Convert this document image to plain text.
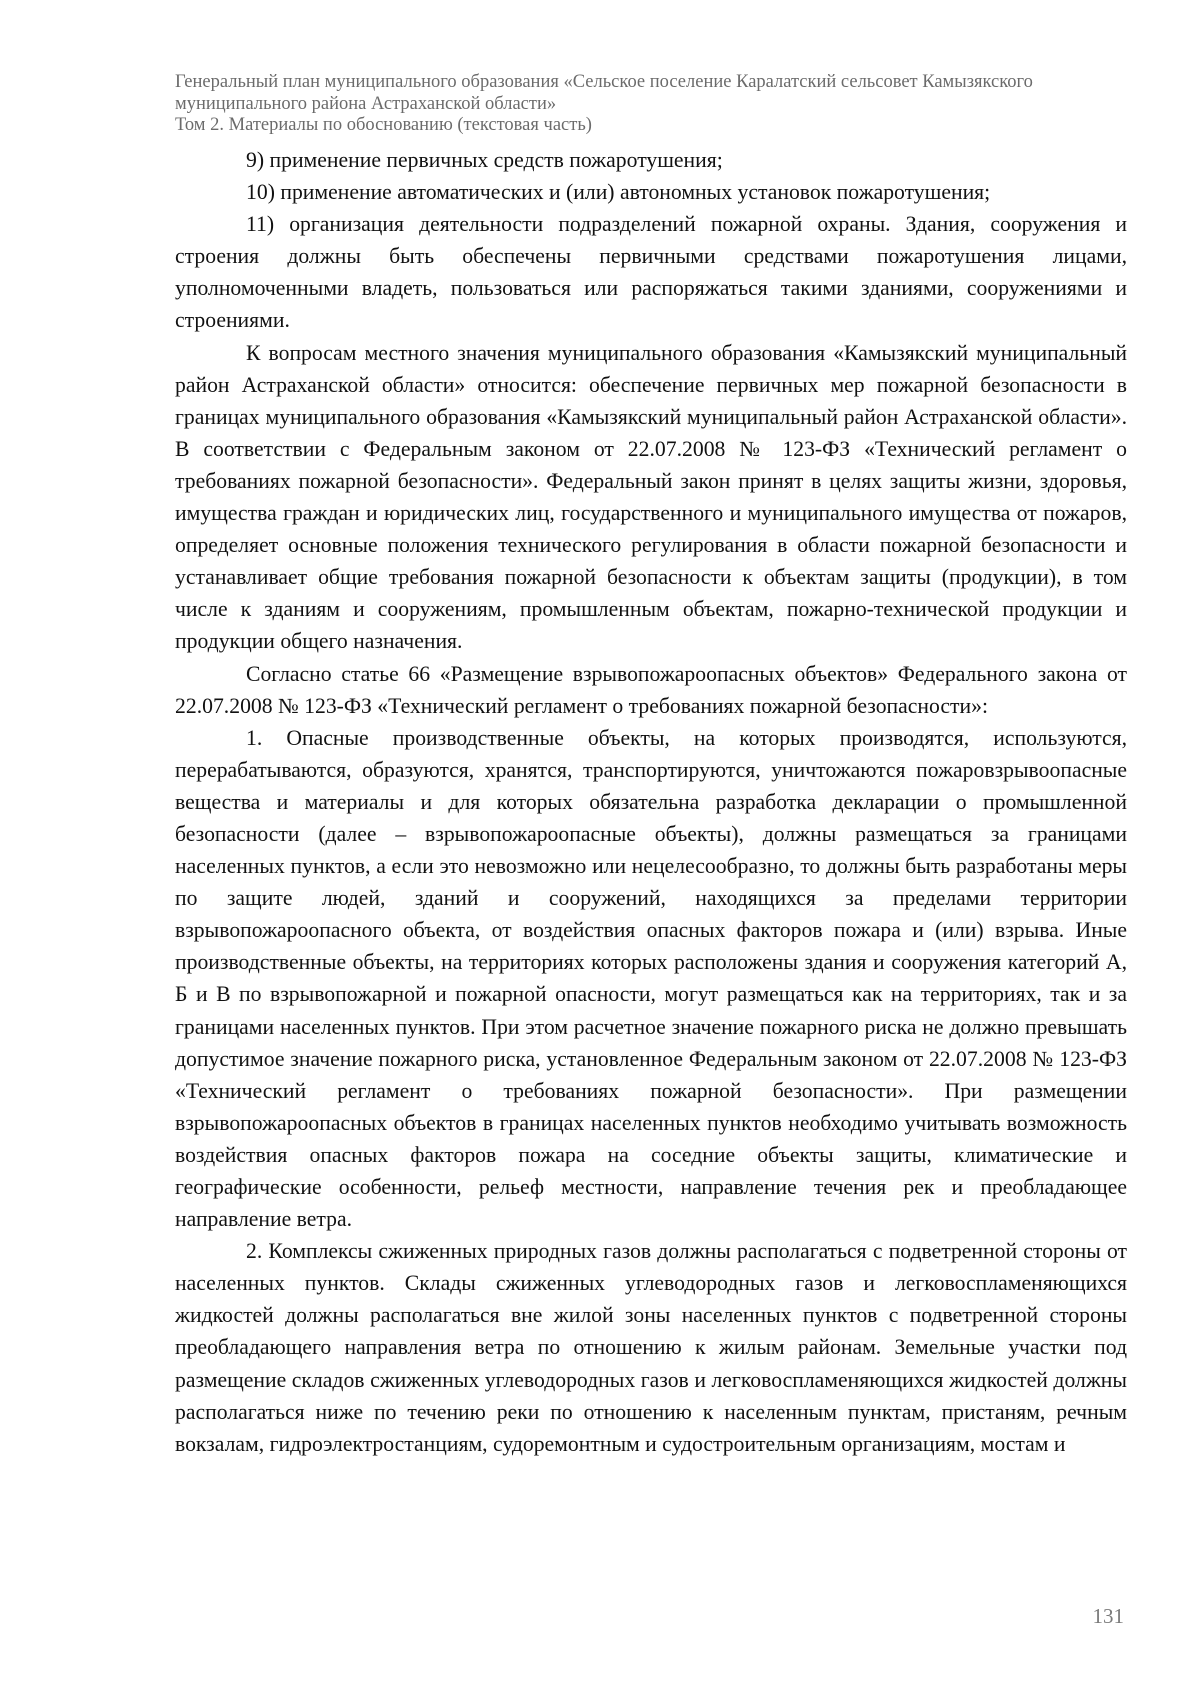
Генеральный план муниципального образования «Сельское поселение Каралатский сельсовет Камызякского
муниципального района Астраханской области»
Том 2. Материалы по обоснованию (текстовая часть)

9) применение первичных средств пожаротушения;

10) применение автоматических и (или) автономных установок пожаротушения;

11) организация деятельности подразделений пожарной охраны. Здания, сооружения и строения должны быть обеспечены первичными средствами пожаротушения лицами, уполномоченными владеть, пользоваться или распоряжаться такими зданиями, сооружениями и строениями.

К вопросам местного значения муниципального образования «Камызякский муниципальный район Астраханской области» относится: обеспечение первичных мер пожарной безопасности в границах муниципального образования «Камызякский муниципальный район Астраханской области». В соответствии с Федеральным законом от 22.07.2008 № 123-ФЗ «Технический регламент о требованиях пожарной безопасности». Федеральный закон принят в целях защиты жизни, здоровья, имущества граждан и юридических лиц, государственного и муниципального имущества от пожаров, определяет основные положения технического регулирования в области пожарной безопасности и устанавливает общие требования пожарной безопасности к объектам защиты (продукции), в том числе к зданиям и сооружениям, промышленным объектам, пожарно-технической продукции и продукции общего назначения.

Согласно статье 66 «Размещение взрывопожароопасных объектов» Федерального закона от 22.07.2008 № 123-ФЗ «Технический регламент о требованиях пожарной безопасности»:

1. Опасные производственные объекты, на которых производятся, используются, перерабатываются, образуются, хранятся, транспортируются, уничтожаются пожаровзрывоопасные вещества и материалы и для которых обязательна разработка декларации о промышленной безопасности (далее – взрывопожароопасные объекты), должны размещаться за границами населенных пунктов, а если это невозможно или нецелесообразно, то должны быть разработаны меры по защите людей, зданий и сооружений, находящихся за пределами территории взрывопожароопасного объекта, от воздействия опасных факторов пожара и (или) взрыва. Иные производственные объекты, на территориях которых расположены здания и сооружения категорий А, Б и В по взрывопожарной и пожарной опасности, могут размещаться как на территориях, так и за границами населенных пунктов. При этом расчетное значение пожарного риска не должно превышать допустимое значение пожарного риска, установленное Федеральным законом от 22.07.2008 № 123-ФЗ «Технический регламент о требованиях пожарной безопасности». При размещении взрывопожароопасных объектов в границах населенных пунктов необходимо учитывать возможность воздействия опасных факторов пожара на соседние объекты защиты, климатические и географические особенности, рельеф местности, направление течения рек и преобладающее направление ветра.

2. Комплексы сжиженных природных газов должны располагаться с подветренной стороны от населенных пунктов. Склады сжиженных углеводородных газов и легковоспламеняющихся жидкостей должны располагаться вне жилой зоны населенных пунктов с подветренной стороны преобладающего направления ветра по отношению к жилым районам. Земельные участки под размещение складов сжиженных углеводородных газов и легковоспламеняющихся жидкостей должны располагаться ниже по течению реки по отношению к населенным пунктам, пристаням, речным вокзалам, гидроэлектростанциям, судоремонтным и судостроительным организациям, мостам и

131
